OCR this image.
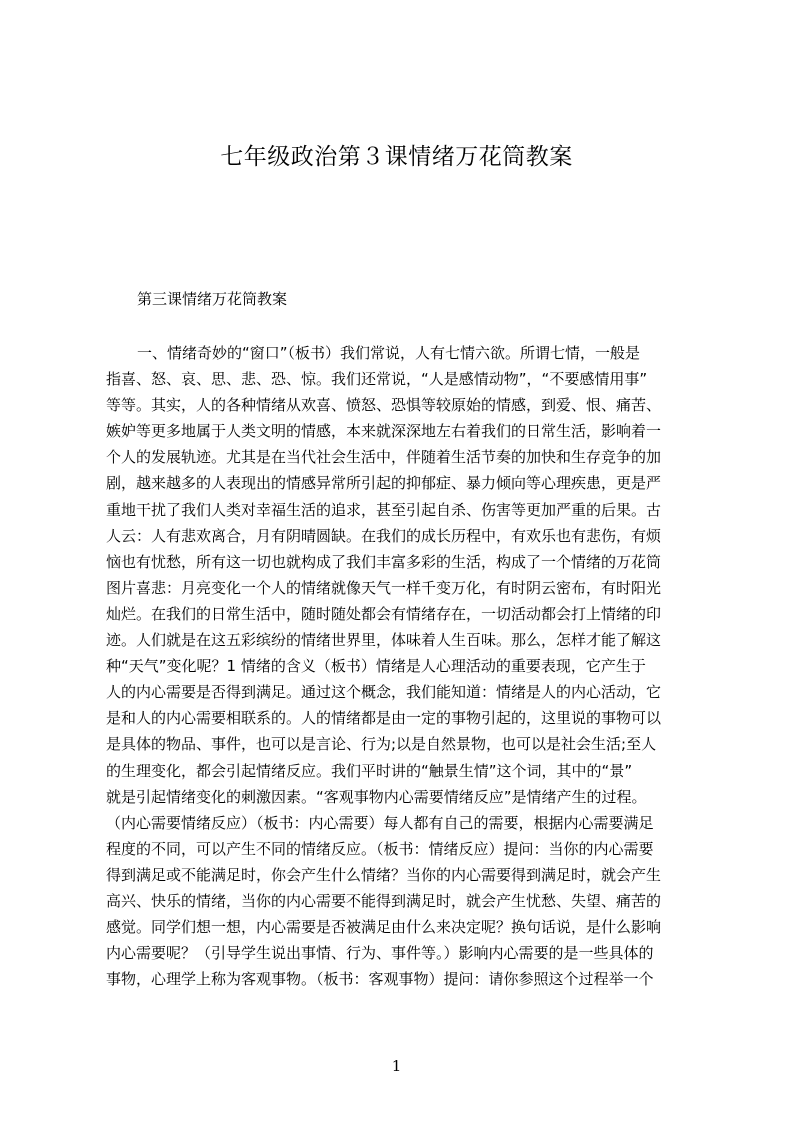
七年级政治第３课情绪万花筒教案

第三课情绪万花筒教案

一、情绪奇妙的“窗口”（板书）我们常说，人有七情六欲。所谓七情，一般是
指喜、怒、哀、思、悲、恐、惊。我们还常说，“人是感情动物”，“不要感情用事”
等等。其实，人的各种情绪从欢喜、愤怒、恐惧等较原始的情感，到爱、恨、痛苦、
嫉妒等更多地属于人类文明的情感，本来就深深地左右着我们的日常生活，影响着一
个人的发展轨迹。尤其是在当代社会生活中，伴随着生活节奏的加快和生存竞争的加
剧，越来越多的人表现出的情感异常所引起的抑郁症、暴力倾向等心理疾患，更是严
重地干扰了我们人类对幸福生活的追求，甚至引起自杀、伤害等更加严重的后果。古
人云：人有悲欢离合，月有阴晴圆缺。在我们的成长历程中，有欢乐也有悲伤，有烦
恼也有忧愁，所有这一切也就构成了我们丰富多彩的生活，构成了一个情绪的万花筒
图片喜悲：月亮变化一个人的情绪就像天气一样千变万化，有时阴云密布，有时阳光
灿烂。在我们的日常生活中，随时随处都会有情绪存在，一切活动都会打上情绪的印
迹。人们就是在这五彩缤纷的情绪世界里，体味着人生百味。那么，怎样才能了解这
种“天气”变化呢？1 情绪的含义（板书）情绪是人心理活动的重要表现，它产生于
人的内心需要是否得到满足。通过这个概念，我们能知道：情绪是人的内心活动，它
是和人的内心需要相联系的。人的情绪都是由一定的事物引起的，这里说的事物可以
是具体的物品、事件，也可以是言论、行为;以是自然景物，也可以是社会生活;至人
的生理变化，都会引起情绪反应。我们平时讲的“触景生情”这个词，其中的“景”
就是引起情绪变化的刺激因素。“客观事物内心需要情绪反应”是情绪产生的过程。
（内心需要情绪反应）（板书：内心需要）每人都有自己的需要，根据内心需要满足
程度的不同，可以产生不同的情绪反应。（板书：情绪反应）提问：当你的内心需要
得到满足或不能满足时，你会产生什么情绪？当你的内心需要得到满足时，就会产生
高兴、快乐的情绪，当你的内心需要不能得到满足时，就会产生忧愁、失望、痛苦的
感觉。同学们想一想，内心需要是否被满足由什么来决定呢？换句话说，是什么影响
内心需要呢？（引导学生说出事情、行为、事件等。）影响内心需要的是一些具体的
事物，心理学上称为客观事物。（板书：客观事物）提问：请你参照这个过程举一个

1
